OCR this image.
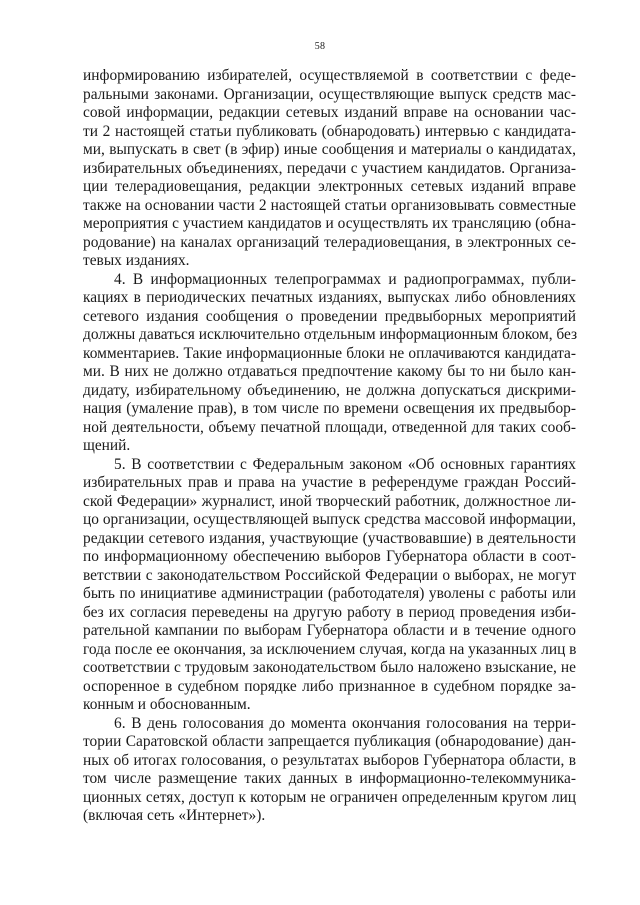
58
информированию избирателей, осуществляемой в соответствии с феде-
ральными законами. Организации, осуществляющие выпуск средств мас-
совой информации, редакции сетевых изданий вправе на основании час-
ти 2 настоящей статьи публиковать (обнародовать) интервью с кандидата-
ми, выпускать в свет (в эфир) иные сообщения и материалы о кандидатах,
избирательных объединениях, передачи с участием кандидатов. Организа-
ции телерадиовещания, редакции электронных сетевых изданий вправе
также на основании части 2 настоящей статьи организовывать совместные
мероприятия с участием кандидатов и осуществлять их трансляцию (обна-
родование) на каналах организаций телерадиовещания, в электронных се-
тевых изданиях.
4. В информационных телепрограммах и радиопрограммах, публи-
кациях в периодических печатных изданиях, выпусках либо обновлениях
сетевого издания сообщения о проведении предвыборных мероприятий
должны даваться исключительно отдельным информационным блоком, без
комментариев. Такие информационные блоки не оплачиваются кандидата-
ми. В них не должно отдаваться предпочтение какому бы то ни было кан-
дидату, избирательному объединению, не должна допускаться дискрими-
нация (умаление прав), в том числе по времени освещения их предвыбор-
ной деятельности, объему печатной площади, отведенной для таких сооб-
щений.
5. В соответствии с Федеральным законом «Об основных гарантиях
избирательных прав и права на участие в референдуме граждан Россий-
ской Федерации» журналист, иной творческий работник, должностное ли-
цо организации, осуществляющей выпуск средства массовой информации,
редакции сетевого издания, участвующие (участвовавшие) в деятельности
по информационному обеспечению выборов Губернатора области в соот-
ветствии с законодательством Российской Федерации о выборах, не могут
быть по инициативе администрации (работодателя) уволены с работы или
без их согласия переведены на другую работу в период проведения изби-
рательной кампании по выборам Губернатора области и в течение одного
года после ее окончания, за исключением случая, когда на указанных лиц в
соответствии с трудовым законодательством было наложено взыскание, не
оспоренное в судебном порядке либо признанное в судебном порядке за-
конным и обоснованным.
6. В день голосования до момента окончания голосования на терри-
тории Саратовской области запрещается публикация (обнародование) дан-
ных об итогах голосования, о результатах выборов Губернатора области, в
том числе размещение таких данных в информационно-телекоммуника-
ционных сетях, доступ к которым не ограничен определенным кругом лиц
(включая сеть «Интернет»).
